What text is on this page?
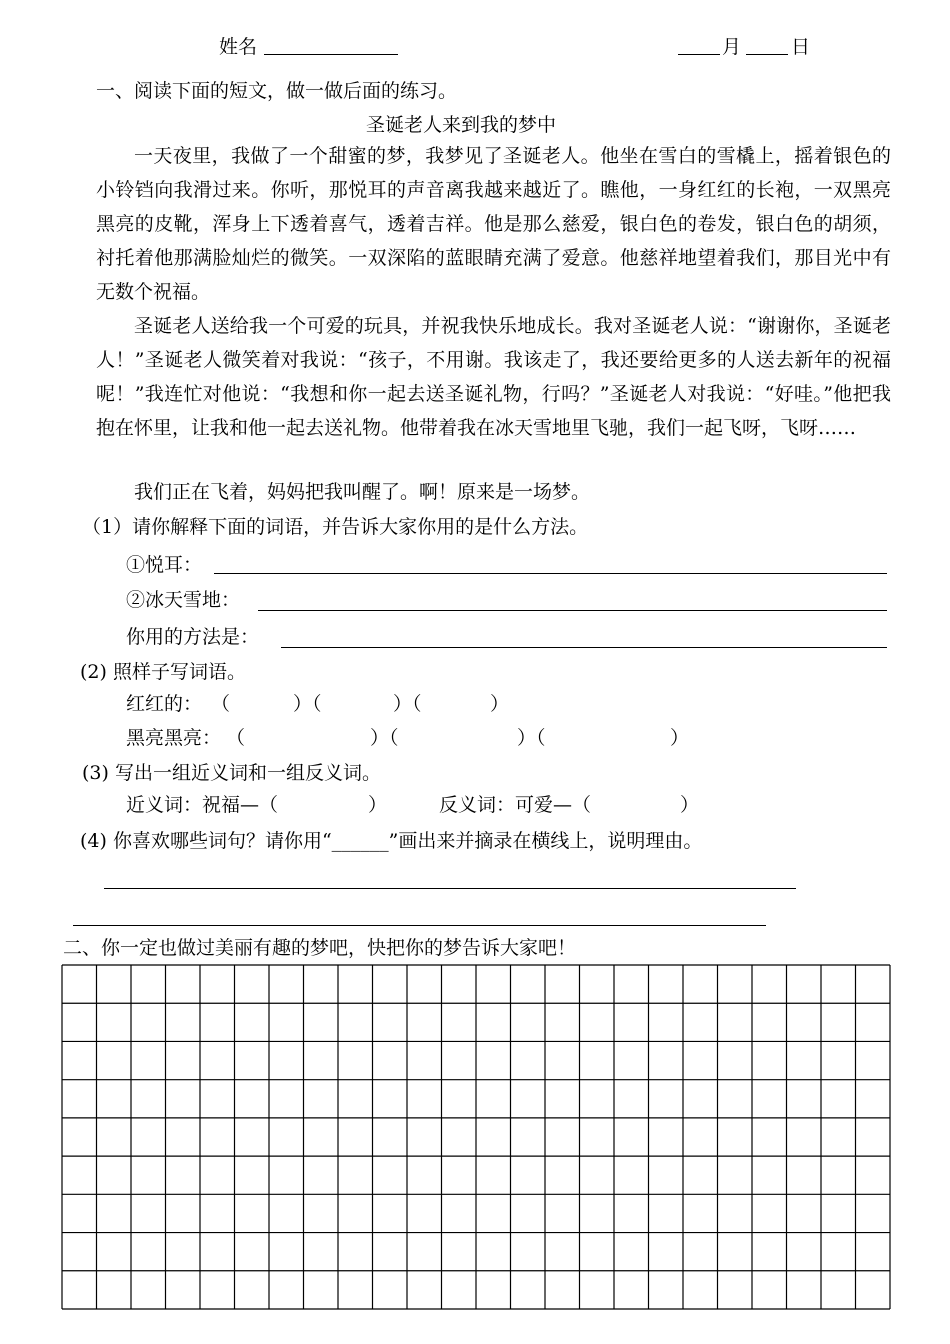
姓名	月	日
一、阅读下面的短文，做一做后面的练习。
圣诞老人来到我的梦中

一天夜里，我做了一个甜蜜的梦，我梦见了圣诞老人。他坐在雪白的雪橇上，摇着银色的小铃铛向我滑过来。你听，那悦耳的声音离我越来越近了。瞧他，一身红红的长袍，一双黑亮黑亮的皮靴，浑身上下透着喜气，透着吉祥。他是那么慈爱，银白色的卷发，银白色的胡须，衬托着他那满脸灿烂的微笑。一双深陷的蓝眼睛充满了爱意。他慈祥地望着我们，那目光中有无数个祝福。

圣诞老人送给我一个可爱的玩具，并祝我快乐地成长。我对圣诞老人说：“谢谢你，圣诞老人！”圣诞老人微笑着对我说：“孩子，不用谢。我该走了，我还要给更多的人送去新年的祝福呢！”我连忙对他说：“我想和你一起去送圣诞礼物，行吗？”圣诞老人对我说：“好哇。”他把我抱在怀里，让我和他一起去送礼物。他带着我在冰天雪地里飞驰，我们一起飞呀，飞呀……

我们正在飞着，妈妈把我叫醒了。啊！原来是一场梦。

（1）请你解释下面的词语，并告诉大家你用的是什么方法。
①悦耳：
②冰天雪地：
你用的方法是：
(2) 照样子写词语。
红红的： （	）（	）（	）
黑亮黑亮： （	）（	）（	）
(3) 写出一组近义词和一组反义词。
近义词：祝福—（	）	反义词：可爱—（	）
(4) 你喜欢哪些词句？请你用“______”画出来并摘录在横线上，说明理由。
二、你一定也做过美丽有趣的梦吧，快把你的梦告诉大家吧！
